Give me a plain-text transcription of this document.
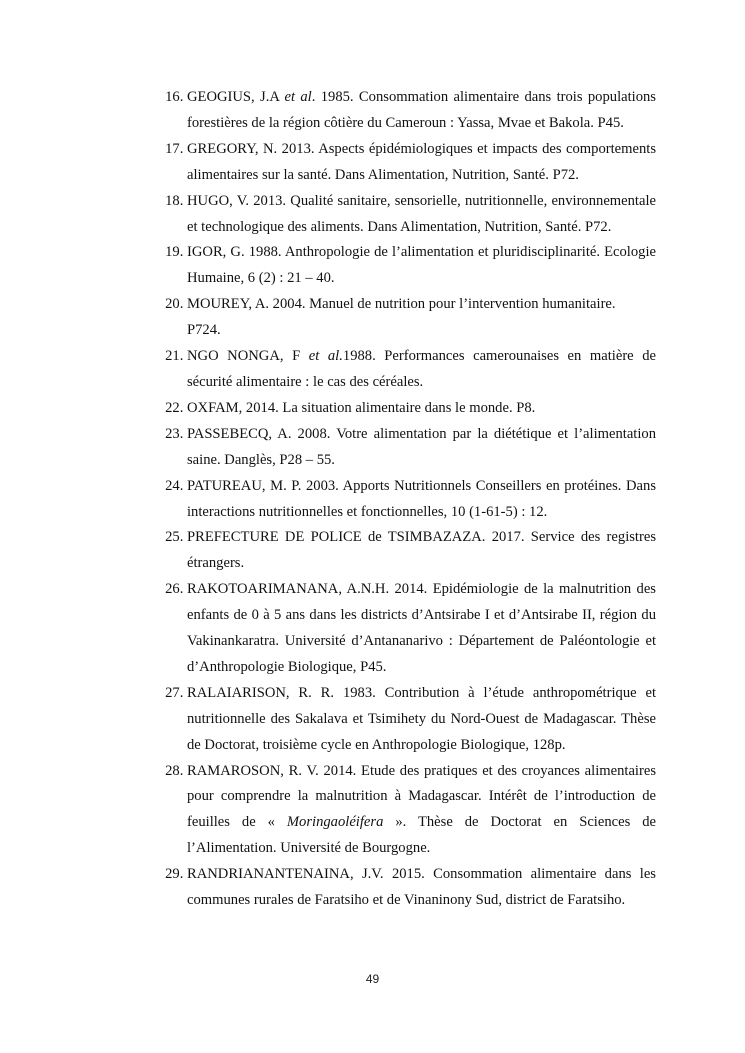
16. GEOGIUS, J.A et al. 1985. Consommation alimentaire dans trois populations forestières de la région côtière du Cameroun : Yassa, Mvae et Bakola. P45.
17. GREGORY, N. 2013. Aspects épidémiologiques et impacts des comportements alimentaires sur la santé. Dans Alimentation, Nutrition, Santé. P72.
18. HUGO, V. 2013. Qualité sanitaire, sensorielle, nutritionnelle, environnementale et technologique des aliments. Dans Alimentation, Nutrition, Santé. P72.
19. IGOR, G. 1988. Anthropologie de l’alimentation et pluridisciplinarité. Ecologie Humaine, 6 (2) : 21 – 40.
20. MOUREY, A. 2004. Manuel de nutrition pour l’intervention humanitaire.
P724.
21. NGO NONGA, F et al.1988. Performances camerounaises en matière de sécurité alimentaire : le cas des céréales.
22. OXFAM, 2014. La situation alimentaire dans le monde. P8.
23. PASSEBECQ, A. 2008. Votre alimentation par la diététique et l’alimentation saine. Danglès, P28 – 55.
24. PATUREAU, M. P. 2003. Apports Nutritionnels Conseillers en protéines. Dans interactions nutritionnelles et fonctionnelles, 10 (1-61-5) : 12.
25. PREFECTURE DE POLICE de TSIMBAZAZA. 2017. Service des registres étrangers.
26. RAKOTOARIMANANA, A.N.H. 2014. Epidémiologie de la malnutrition des enfants de 0 à 5 ans dans les districts d’Antsirabe I et d’Antsirabe II, région du Vakinankaratra. Université d’Antananarivo : Département de Paléontologie et d’Anthropologie Biologique, P45.
27. RALAIARISON, R. R. 1983. Contribution à l’étude anthropométrique et nutritionnelle des Sakalava et Tsimihety du Nord-Ouest de Madagascar. Thèse de Doctorat, troisième cycle en Anthropologie Biologique, 128p.
28. RAMAROSON, R. V. 2014. Etude des pratiques et des croyances alimentaires pour comprendre la malnutrition à Madagascar. Intérêt de l’introduction de feuilles de « Moringaoléifera ». Thèse de Doctorat en Sciences de l’Alimentation. Université de Bourgogne.
29. RANDRIANANTENAINA, J.V. 2015. Consommation alimentaire dans les communes rurales de Faratsiho et de Vinaninony Sud, district de Faratsiho.
49
